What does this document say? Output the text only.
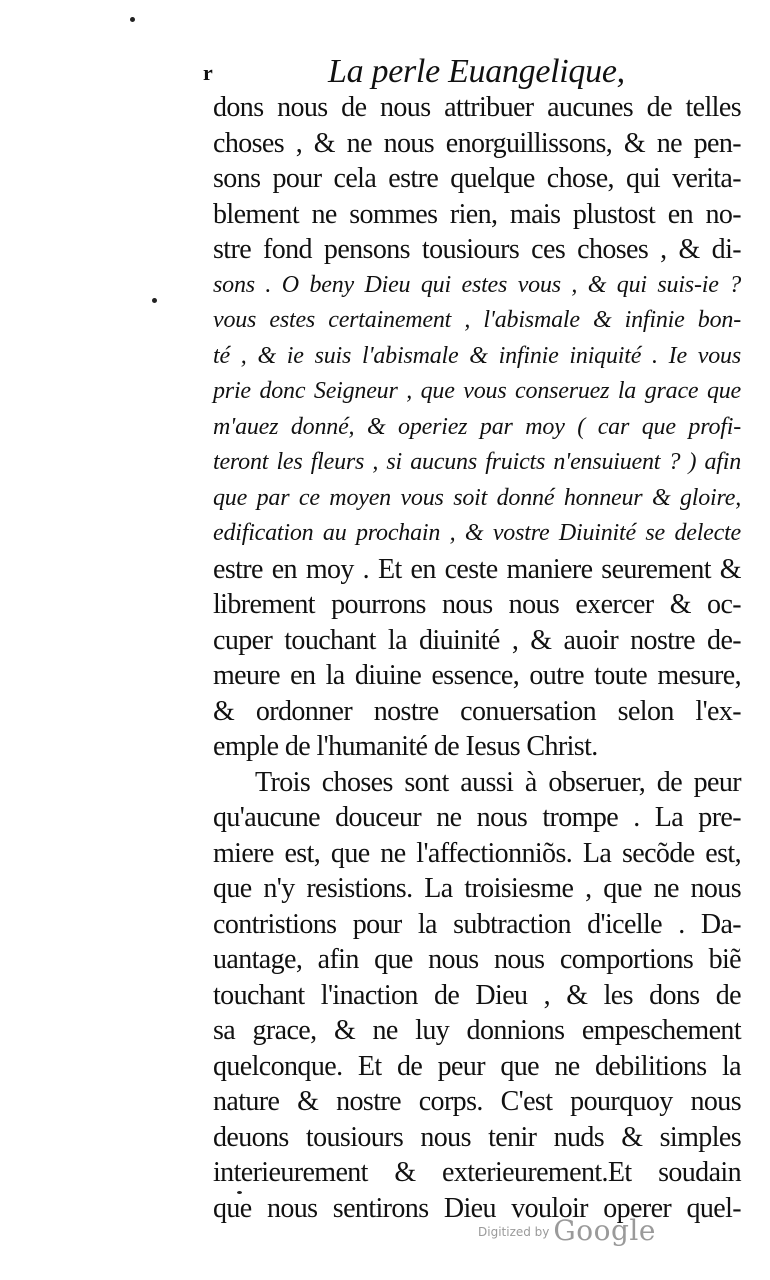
r	La perle Euangelique,
dons nous de nous attribuer aucunes de telles
choses , & ne nous enorguillissons, & ne pen-
sons pour cela estre quelque chose, qui verita-
blement ne sommes rien, mais plustost en no-
stre fond pensons tousiours ces choses , & di-
sons . O beny Dieu qui estes vous , & qui suis-ie ?
vous estes certainement , l'abismale & infinie bon-
té , & ie suis l'abismale & infinie iniquité . Ie vous
prie donc Seigneur , que vous conseruez la grace que
m'auez donné, & operiez par moy ( car que profi-
teront les fleurs , si aucuns fruicts n'ensuiuent ? ) afin
que par ce moyen vous soit donné honneur & gloire,
edification au prochain , & vostre Diuinité se delecte
estre en moy . Et en ceste maniere seurement &
librement pourrons nous nous exercer & oc-
cuper touchant la diuinité , & auoir nostre de-
meure en la diuine essence, outre toute mesure,
& ordonner nostre conuersation selon l'ex-
emple de l'humanité de Iesus Christ.
Trois choses sont aussi à obseruer, de peur
qu'aucune douceur ne nous trompe . La pre-
miere est, que ne l'affectionniõs. La secõde est,
que n'y resistions. La troisiesme , que ne nous
contristions pour la subtraction d'icelle . Da-
uantage, afin que nous nous comportions biẽ
touchant l'inaction de Dieu , & les dons de
sa grace, & ne luy donnions empeschement
quelconque. Et de peur que ne debilitions la
nature & nostre corps. C'est pourquoy nous
deuons tousiours nous tenir nuds & simples
interieurement & exterieurement.Et soudain
que nous sentirons Dieu vouloir operer quel-
$^{Digitized by}$ Google
